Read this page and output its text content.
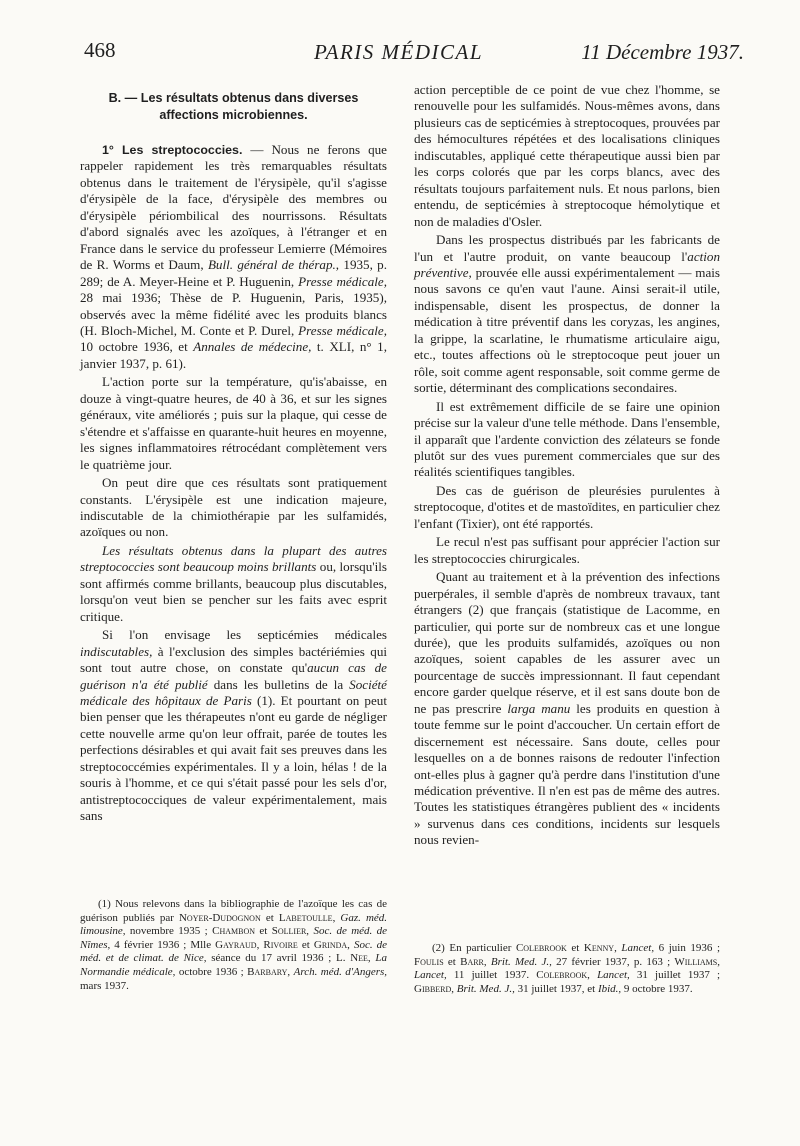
468	PARIS MÉDICAL	11 Décembre 1937.
B. — Les résultats obtenus dans diverses affections microbiennes.

1° Les streptococcies. — Nous ne ferons que rappeler rapidement les très remarquables résultats obtenus dans le traitement de l'érysipèle, qu'il s'agisse d'érysipèle de la face, d'érysipèle des membres ou d'érysipèle périombilical des nourrissons. Résultats d'abord signalés avec les azoïques, à l'étranger et en France dans le service du professeur Lemierre (Mémoires de R. Worms et Daum, Bull. général de thérap., 1935, p. 289; de A. Meyer-Heine et P. Huguenin, Presse médicale, 28 mai 1936; Thèse de P. Huguenin, Paris, 1935), observés avec la même fidélité avec les produits blancs (H. Bloch-Michel, M. Conte et P. Durel, Presse médicale, 10 octobre 1936, et Annales de médecine, t. XLI, n° 1, janvier 1937, p. 61).

L'action porte sur la température, qu'is'abaisse, en douze à vingt-quatre heures, de 40 à 36, et sur les signes généraux, vite améliorés ; puis sur la plaque, qui cesse de s'étendre et s'affaisse en quarante-huit heures en moyenne, les signes inflammatoires rétrocédant complètement vers le quatrième jour.

On peut dire que ces résultats sont pratiquement constants. L'érysipèle est une indication majeure, indiscutable de la chimiothérapie par les sulfamidés, azoïques ou non.

Les résultats obtenus dans la plupart des autres streptococcies sont beaucoup moins brillants ou, lorsqu'ils sont affirmés comme brillants, beaucoup plus discutables, lorsqu'on veut bien se pencher sur les faits avec esprit critique.

Si l'on envisage les septicémies médicales indiscutables, à l'exclusion des simples bactériémies qui sont tout autre chose, on constate qu'aucun cas de guérison n'a été publié dans les bulletins de la Société médicale des hôpitaux de Paris (1). Et pourtant on peut bien penser que les thérapeutes n'ont eu garde de négliger cette nouvelle arme qu'on leur offrait, parée de toutes les perfections désirables et qui avait fait ses preuves dans les streptococcémies expérimentales. Il y a loin, hélas ! de la souris à l'homme, et ce qui s'était passé pour les sels d'or, antistreptococciques de valeur expérimentalement, mais sans

action perceptible de ce point de vue chez l'homme, se renouvelle pour les sulfamidés. Nous-mêmes avons, dans plusieurs cas de septicémies à streptocoques, prouvées par des hémocultures répétées et des localisations cliniques indiscutables, appliqué cette thérapeutique aussi bien par les corps colorés que par les corps blancs, avec des résultats toujours parfaitement nuls. Et nous parlons, bien entendu, de septicémies à streptocoque hémolytique et non de maladies d'Osler.

Dans les prospectus distribués par les fabricants de l'un et l'autre produit, on vante beaucoup l'action préventive, prouvée elle aussi expérimentalement — mais nous savons ce qu'en vaut l'aune. Ainsi serait-il utile, indispensable, disent les prospectus, de donner la médication à titre préventif dans les coryzas, les angines, la grippe, la scarlatine, le rhumatisme articulaire aigu, etc., toutes affections où le streptocoque peut jouer un rôle, soit comme agent responsable, soit comme germe de sortie, déterminant des complications secondaires.

Il est extrêmement difficile de se faire une opinion précise sur la valeur d'une telle méthode. Dans l'ensemble, il apparaît que l'ardente conviction des zélateurs se fonde plutôt sur des vues purement commerciales que sur des réalités scientifiques tangibles.

Des cas de guérison de pleurésies purulentes à streptocoque, d'otites et de mastoïdites, en particulier chez l'enfant (Tixier), ont été rapportés.

Le recul n'est pas suffisant pour apprécier l'action sur les streptococcies chirurgicales.

Quant au traitement et à la prévention des infections puerpérales, il semble d'après de nombreux travaux, tant étrangers (2) que français (statistique de Lacomme, en particulier, qui porte sur de nombreux cas et une longue durée), que les produits sulfamidés, azoïques ou non azoïques, soient capables de les assurer avec un pourcentage de succès impressionnant. Il faut cependant encore garder quelque réserve, et il est sans doute bon de ne pas prescrire larga manu les produits en question à toute femme sur le point d'accoucher. Un certain effort de discernement est nécessaire. Sans doute, celles pour lesquelles on a de bonnes raisons de redouter l'infection ont-elles plus à gagner qu'à perdre dans l'institution d'une médication préventive. Il n'en est pas de même des autres. Toutes les statistiques étrangères publient des « incidents » survenus dans ces conditions, incidents sur lesquels nous revien-

(1) Nous relevons dans la bibliographie de l'azoïque les cas de guérison publiés par Noyer-Dudognon et Labetoulle, Gaz. méd. limousine, novembre 1935 ; Chambon et Sollier, Soc. de méd. de Nîmes, 4 février 1936 ; Mlle Gayraud, Rivoire et Grinda, Soc. de méd. et de climat. de Nice, séance du 17 avril 1936 ; L. Nee, La Normandie médicale, octobre 1936 ; Barbary, Arch. méd. d'Angers, mars 1937.

(2) En particulier Colebrook et Kenny, Lancet, 6 juin 1936 ; Foulis et Barr, Brit. Med. J., 27 février 1937, p. 163 ; Williams, Lancet, 11 juillet 1937. Colebrook, Lancet, 31 juillet 1937 ; Gibberd, Brit. Med. J., 31 juillet 1937, et Ibid., 9 octobre 1937.
